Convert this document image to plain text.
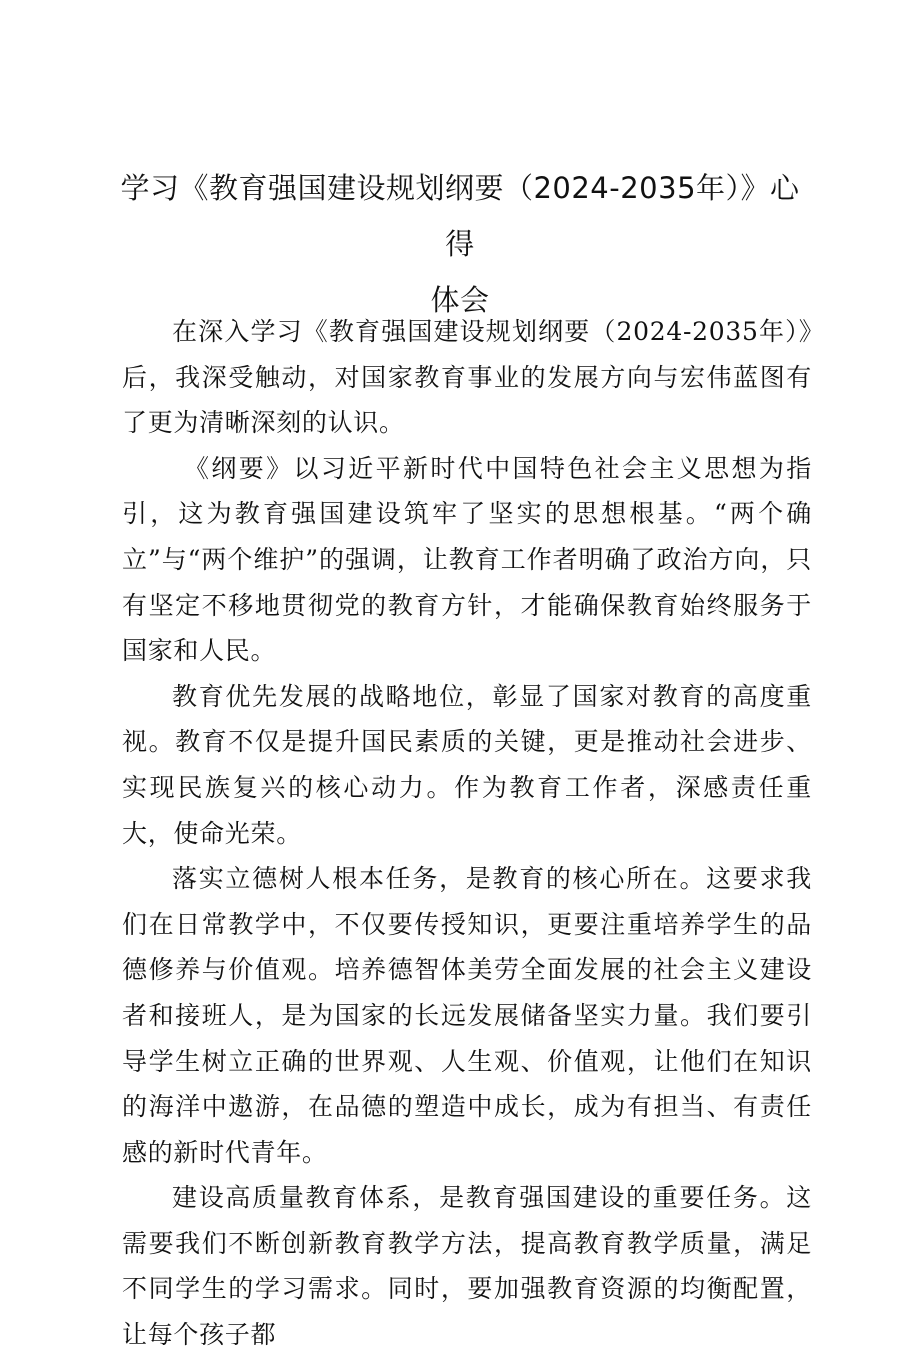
学习《教育强国建设规划纲要（2024-2035年）》心得
体会

在深入学习《教育强国建设规划纲要（2024-2035年）》后，我深受触动，对国家教育事业的发展方向与宏伟蓝图有了更为清晰深刻的认识。

《纲要》以习近平新时代中国特色社会主义思想为指引，这为教育强国建设筑牢了坚实的思想根基。“两个确立”与“两个维护”的强调，让教育工作者明确了政治方向，只有坚定不移地贯彻党的教育方针，才能确保教育始终服务于国家和人民。

教育优先发展的战略地位，彰显了国家对教育的高度重视。教育不仅是提升国民素质的关键，更是推动社会进步、实现民族复兴的核心动力。作为教育工作者，深感责任重大，使命光荣。

落实立德树人根本任务，是教育的核心所在。这要求我们在日常教学中，不仅要传授知识，更要注重培养学生的品德修养与价值观。培养德智体美劳全面发展的社会主义建设者和接班人，是为国家的长远发展储备坚实力量。我们要引导学生树立正确的世界观、人生观、价值观，让他们在知识的海洋中遨游，在品德的塑造中成长，成为有担当、有责任感的新时代青年。

建设高质量教育体系，是教育强国建设的重要任务。这需要我们不断创新教育教学方法，提高教育教学质量，满足不同学生的学习需求。同时，要加强教育资源的均衡配置，让每个孩子都
